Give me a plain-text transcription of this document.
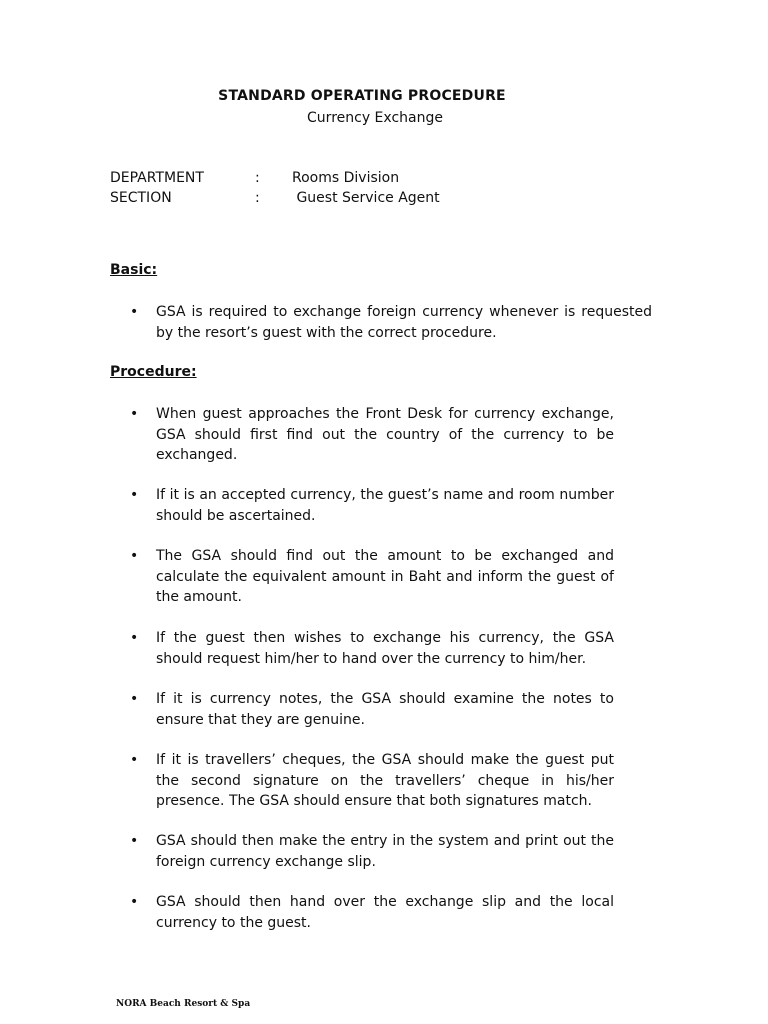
STANDARD OPERATING PROCEDURE
Currency Exchange
DEPARTMENT	:	Rooms Division
SECTION	:	Guest Service Agent
Basic:
• GSA is required to exchange foreign currency whenever is requested by the resort’s guest with the correct procedure.
Procedure:
• When guest approaches the Front Desk for currency exchange, GSA should first find out the country of the currency to be exchanged.
• If it is an accepted currency, the guest’s name and room number should be ascertained.
• The GSA should find out the amount to be exchanged and calculate the equivalent amount in Baht and inform the guest of the amount.
• If the guest then wishes to exchange his currency, the GSA should request him/her to hand over the currency to him/her.
• If it is currency notes, the GSA should examine the notes to ensure that they are genuine.
• If it is travellers’ cheques, the GSA should make the guest put the second signature on the travellers’ cheque in his/her presence. The GSA should ensure that both signatures match.
• GSA should then make the entry in the system and print out the foreign currency exchange slip.
• GSA should then hand over the exchange slip and the local currency to the guest.
NORA Beach Resort & Spa
